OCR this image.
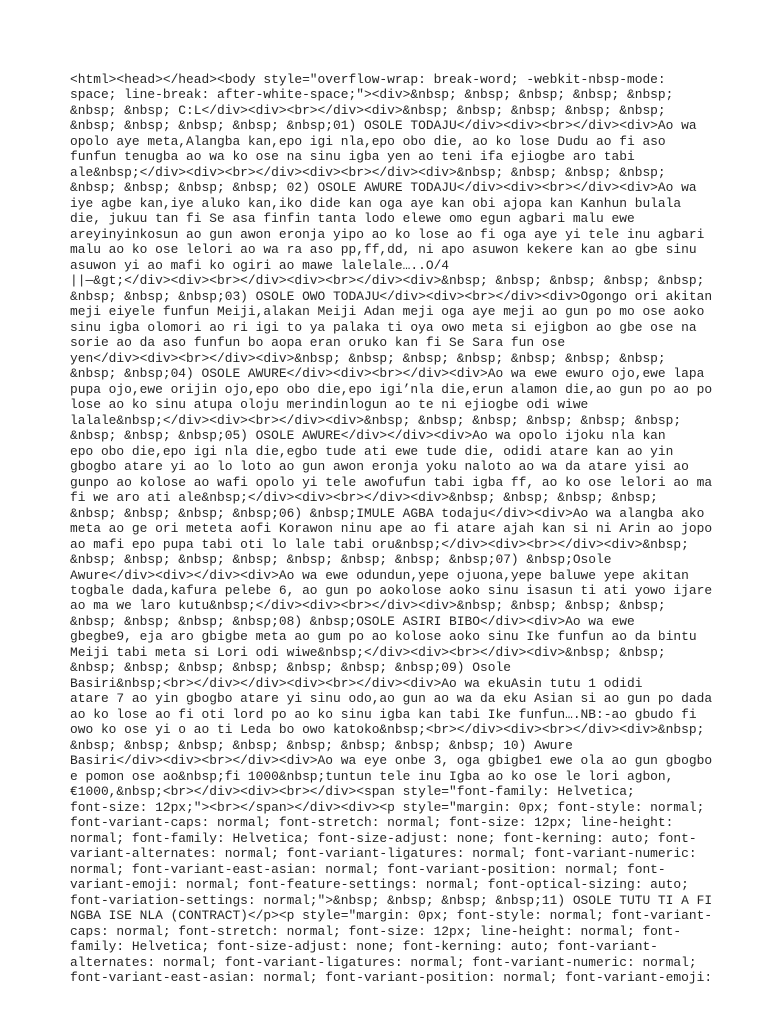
<html><head></head><body style="overflow-wrap: break-word; -webkit-nbsp-mode:
space; line-break: after-white-space;"><div>&nbsp; &nbsp; &nbsp; &nbsp; &nbsp;
&nbsp; &nbsp; C:L</div><div><br></div><div>&nbsp; &nbsp; &nbsp; &nbsp; &nbsp;
&nbsp; &nbsp; &nbsp; &nbsp; &nbsp;01) OSOLE TODAJU</div><div><br></div><div>Ao wa
opolo aye meta,Alangba kan,epo igi nla,epo obo die, ao ko lose Dudu ao fi aso
funfun tenugba ao wa ko ose na sinu igba yen ao teni ifa ejiogbe aro tabi
ale&nbsp;</div><div><br></div><div><br></div><div>&nbsp; &nbsp; &nbsp; &nbsp;
&nbsp; &nbsp; &nbsp; &nbsp; 02) OSOLE AWURE TODAJU</div><div><br></div><div>Ao wa
iye agbe kan,iye aluko kan,iko dide kan oga aye kan obi ajopa kan Kanhun bulala
die, jukuu tan fi Se asa finfin tanta lodo elewe omo egun agbari malu ewe
areyinyinkosun ao gun awon eronja yipo ao ko lose ao fi oga aye yi tele inu agbari
malu ao ko ose lelori ao wa ra aso pp,ff,dd, ni apo asuwon kekere kan ao gbe sinu
asuwon yi ao mafi ko ogiri ao mawe lalelale…..O/4
||—&gt;</div><div><br></div><div><br></div><div>&nbsp; &nbsp; &nbsp; &nbsp; &nbsp;
&nbsp; &nbsp; &nbsp;03) OSOLE OWO TODAJU</div><div><br></div><div>Ogongo ori akitan
meji eiyele funfun Meiji,alakan Meiji Adan meji oga aye meji ao gun po mo ose aoko
sinu igba olomori ao ri igi to ya palaka ti oya owo meta si ejigbon ao gbe ose na
sorie ao da aso funfun bo aopa eran oruko kan fi Se Sara fun ose
yen</div><div><br></div><div>&nbsp; &nbsp; &nbsp; &nbsp; &nbsp; &nbsp; &nbsp;
&nbsp; &nbsp;04) OSOLE AWURE</div><div><br></div><div>Ao wa ewe ewuro ojo,ewe lapa
pupa ojo,ewe orijin ojo,epo obo die,epo igi’nla die,erun alamon die,ao gun po ao po
lose ao ko sinu atupa oloju merindinlogun ao te ni ejiogbe odi wiwe
lalale&nbsp;</div><div><br></div><div>&nbsp; &nbsp; &nbsp; &nbsp; &nbsp; &nbsp;
&nbsp; &nbsp; &nbsp;05) OSOLE AWURE</div></div><div>Ao wa opolo ijoku nla kan
epo obo die,epo igi nla die,egbo tude ati ewe tude die, odidi atare kan ao yin
gbogbo atare yi ao lo loto ao gun awon eronja yoku naloto ao wa da atare yisi ao
gunpo ao kolose ao wafi opolo yi tele awofufun tabi igba ff, ao ko ose lelori ao ma
fi we aro ati ale&nbsp;</div><div><br></div><div>&nbsp; &nbsp; &nbsp; &nbsp;
&nbsp; &nbsp; &nbsp; &nbsp;06) &nbsp;IMULE AGBA todaju</div><div>Ao wa alangba ako
meta ao ge ori meteta aofi Korawon ninu ape ao fi atare ajah kan si ni Arin ao jopo
ao mafi epo pupa tabi oti lo lale tabi oru&nbsp;</div><div><br></div><div>&nbsp;
&nbsp; &nbsp; &nbsp; &nbsp; &nbsp; &nbsp; &nbsp; &nbsp;07) &nbsp;Osole
Awure</div><div></div><div>Ao wa ewe odundun,yepe ojuona,yepe baluwe yepe akitan
togbale dada,kafura pelebe 6, ao gun po aokolose aoko sinu isasun ti ati yowo ijare
ao ma we laro kutu&nbsp;</div><div><br></div><div>&nbsp; &nbsp; &nbsp; &nbsp;
&nbsp; &nbsp; &nbsp; &nbsp;08) &nbsp;OSOLE ASIRI BIBO</div><div>Ao wa ewe
gbegbe9, eja aro gbigbe meta ao gum po ao kolose aoko sinu Ike funfun ao da bintu
Meiji tabi meta si Lori odi wiwe&nbsp;</div><div><br></div><div>&nbsp; &nbsp;
&nbsp; &nbsp; &nbsp; &nbsp; &nbsp; &nbsp; &nbsp;09) Osole
Basiri&nbsp;<br></div></div><div><br></div><div>Ao wa ekuAsin tutu 1 odidi
atare 7 ao yin gbogbo atare yi sinu odo,ao gun ao wa da eku Asian si ao gun po dada
ao ko lose ao fi oti lord po ao ko sinu igba kan tabi Ike funfun….NB:-ao gbudo fi
owo ko ose yi o ao ti Leda bo owo katoko&nbsp;<br></div><div><br></div><div>&nbsp;
&nbsp; &nbsp; &nbsp; &nbsp; &nbsp; &nbsp; &nbsp; &nbsp; 10) Awure
Basiri</div><div><br></div><div>Ao wa eye onbe 3, oga gbigbe1 ewe ola ao gun gbogbo
e pomon ose ao&nbsp;fi 1000&nbsp;tuntun tele inu Igba ao ko ose le lori agbon,
€1000,&nbsp;<br></div><div><br></div><span style="font-family: Helvetica;
font-size: 12px;"><br></span></div><div><p style="margin: 0px; font-style: normal;
font-variant-caps: normal; font-stretch: normal; font-size: 12px; line-height:
normal; font-family: Helvetica; font-size-adjust: none; font-kerning: auto; font-
variant-alternates: normal; font-variant-ligatures: normal; font-variant-numeric:
normal; font-variant-east-asian: normal; font-variant-position: normal; font-
variant-emoji: normal; font-feature-settings: normal; font-optical-sizing: auto;
font-variation-settings: normal;">&nbsp; &nbsp; &nbsp; &nbsp;11) OSOLE TUTU TI A FI
NGBA ISE NLA (CONTRACT)</p><p style="margin: 0px; font-style: normal; font-variant-
caps: normal; font-stretch: normal; font-size: 12px; line-height: normal; font-
family: Helvetica; font-size-adjust: none; font-kerning: auto; font-variant-
alternates: normal; font-variant-ligatures: normal; font-variant-numeric: normal;
font-variant-east-asian: normal; font-variant-position: normal; font-variant-emoji:
